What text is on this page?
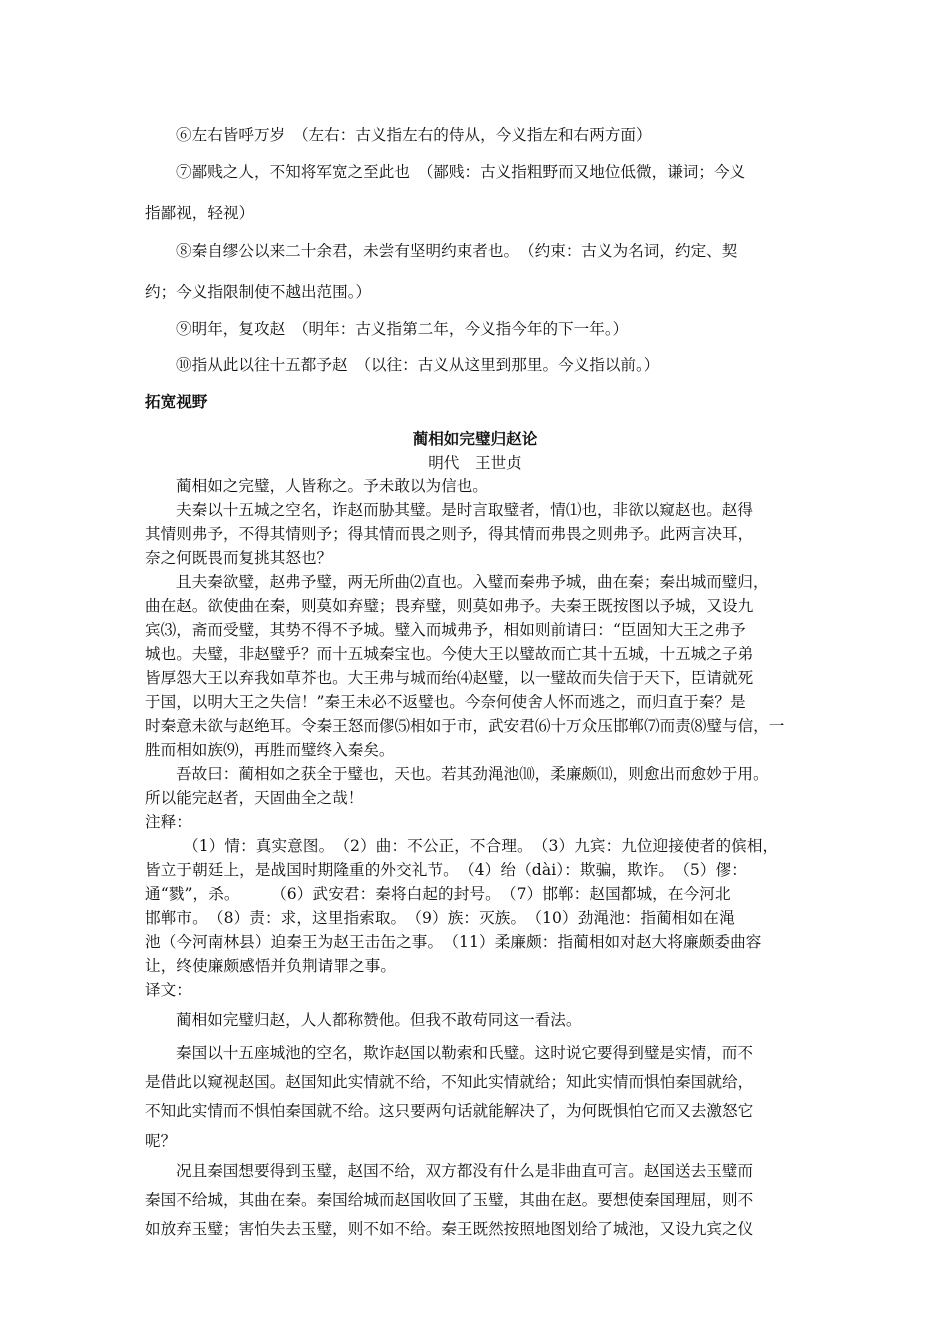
⑥左右皆呼万岁　（左右：古义指左右的侍从，今义指左和右两方面）
⑦鄙贱之人，不知将军宽之至此也　（鄙贱：古义指粗野而又地位低微，谦词；今义
指鄙视，轻视）
⑧秦自缪公以来二十余君，未尝有坚明约束者也。　（约束：古义为名词，约定、契
约；今义指限制使不越出范围。）
⑨明年，复攻赵　（明年：古义指第二年，今义指今年的下一年。）
⑩指从此以往十五都予赵　（以往：古义从这里到那里。今义指以前。）
拓宽视野
蔺相如完璧归赵论
明代　王世贞
蔺相如之完璧，人皆称之。予未敢以为信也。
夫秦以十五城之空名，诈赵而胁其璧。是时言取璧者，情⑴也，非欲以窥赵也。赵得
其情则弗予，不得其情则予；得其情而畏之则予，得其情而弗畏之则弗予。此两言决耳，
奈之何既畏而复挑其怒也？
且夫秦欲璧，赵弗予璧，两无所曲⑵直也。入璧而秦弗予城，曲在秦；秦出城而璧归，
曲在赵。欲使曲在秦，则莫如弃璧；畏弃璧，则莫如弗予。夫秦王既按图以予城，又设九
宾⑶，斋而受璧，其势不得不予城。璧入而城弗予，相如则前请曰：“臣固知大王之弗予
城也。夫璧，非赵璧乎？而十五城秦宝也。今使大王以璧故而亡其十五城，十五城之子弟
皆厚怨大王以弃我如草芥也。大王弗与城而绐⑷赵璧，以一璧故而失信于天下，臣请就死
于国，以明大王之失信！”秦王未必不返璧也。今奈何使舍人怀而逃之，而归直于秦？是
时秦意未欲与赵绝耳。令秦王怒而僇⑸相如于市，武安君⑹十万众压邯郸⑺而责⑻璧与信，一
胜而相如族⑼，再胜而璧终入秦矣。
吾故曰：蔺相如之获全于璧也，天也。若其劲渑池⑽，柔廉颇⑾，则愈出而愈妙于用。
所以能完赵者，天固曲全之哉！
注释：
（1）情：真实意图。　（2）曲：不公正，不合理。　（3）九宾：九位迎接使者的傧相，
皆立于朝廷上，是战国时期隆重的外交礼节。　（4）绐（dài）：欺骗，欺诈。　（5）僇：
通“戮”，杀。　　　（6）武安君：秦将白起的封号。　（7）邯郸：赵国都城，在今河北
邯郸市。　（8）责：求，这里指索取。　（9）族：灭族。　（10）劲渑池：指蔺相如在渑
池（今河南林县）迫秦王为赵王击缶之事。　（11）柔廉颇：指蔺相如对赵大将廉颇委曲容
让，终使廉颇感悟并负荆请罪之事。
译文：
蔺相如完璧归赵，人人都称赞他。但我不敢苟同这一看法。
秦国以十五座城池的空名，欺诈赵国以勒索和氏璧。这时说它要得到璧是实情，而不
是借此以窥视赵国。赵国知此实情就不给，不知此实情就给；知此实情而惧怕秦国就给，
不知此实情而不惧怕秦国就不给。这只要两句话就能解决了，为何既惧怕它而又去激怒它
呢？
况且秦国想要得到玉璧，赵国不给，双方都没有什么是非曲直可言。赵国送去玉璧而
秦国不给城，其曲在秦。秦国给城而赵国收回了玉璧，其曲在赵。要想使秦国理屈，则不
如放弃玉璧；害怕失去玉璧，则不如不给。秦王既然按照地图划给了城池，又设九宾之仪
